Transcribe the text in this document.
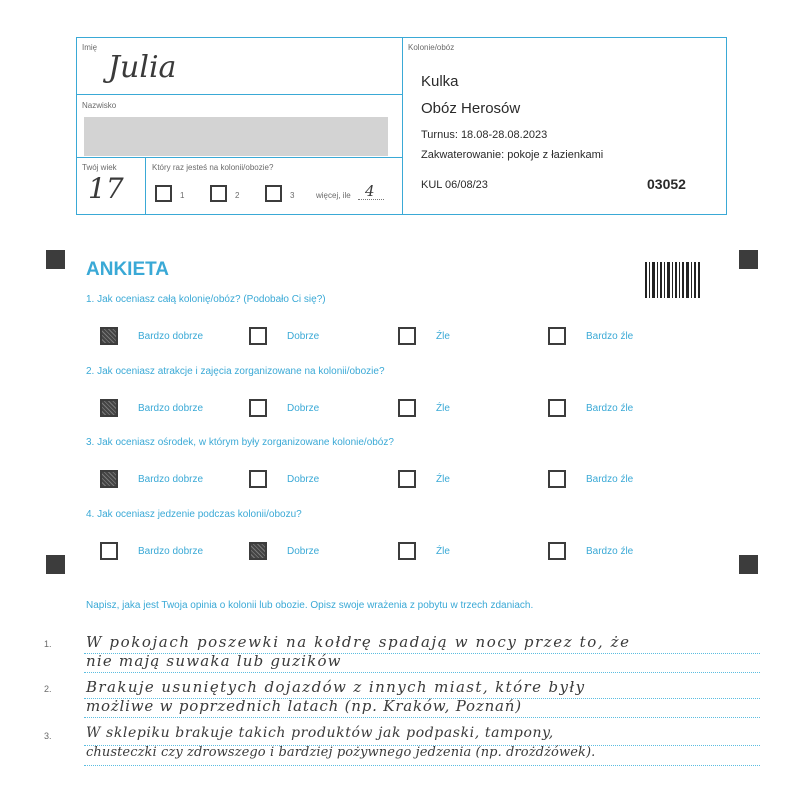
Imię
Julia
Nazwisko
Twój wiek
17
Który raz jesteś na kolonii/obozie?
1	2	3	więcej, ile 4
Kolonie/obóz
Kulka
Obóz Herosów
Turnus: 18.08-28.08.2023
Zakwaterowanie: pokoje z łazienkami
KUL 06/08/23	03052
ANKIETA
1. Jak oceniasz całą kolonię/obóz? (Podobało Ci się?)
Bardzo dobrze	Dobrze	Źle	Bardzo źle
2. Jak oceniasz atrakcje i zajęcia zorganizowane na kolonii/obozie?
Bardzo dobrze	Dobrze	Źle	Bardzo źle
3. Jak oceniasz ośrodek, w którym były zorganizowane kolonie/obóz?
Bardzo dobrze	Dobrze	Źle	Bardzo źle
4. Jak oceniasz jedzenie podczas kolonii/obozu?
Bardzo dobrze	Dobrze	Źle	Bardzo źle
Napisz, jaka jest Twoja opinia o kolonii lub obozie. Opisz swoje wrażenia z pobytu w trzech zdaniach.
1.
2.
3.
W pokojach poszewki na kołdrę spadają w nocy przez to, że
nie mają suwaka lub guzików
Brakuje usuniętych dojazdów z innych miast, które były
możliwe w poprzednich latach (np. Kraków, Poznań)
W sklepiku brakuje takich produktów jak podpaski, tampony,
chusteczki czy zdrowszego i bardziej pożywnego jedzenia (np. drożdżówek).
